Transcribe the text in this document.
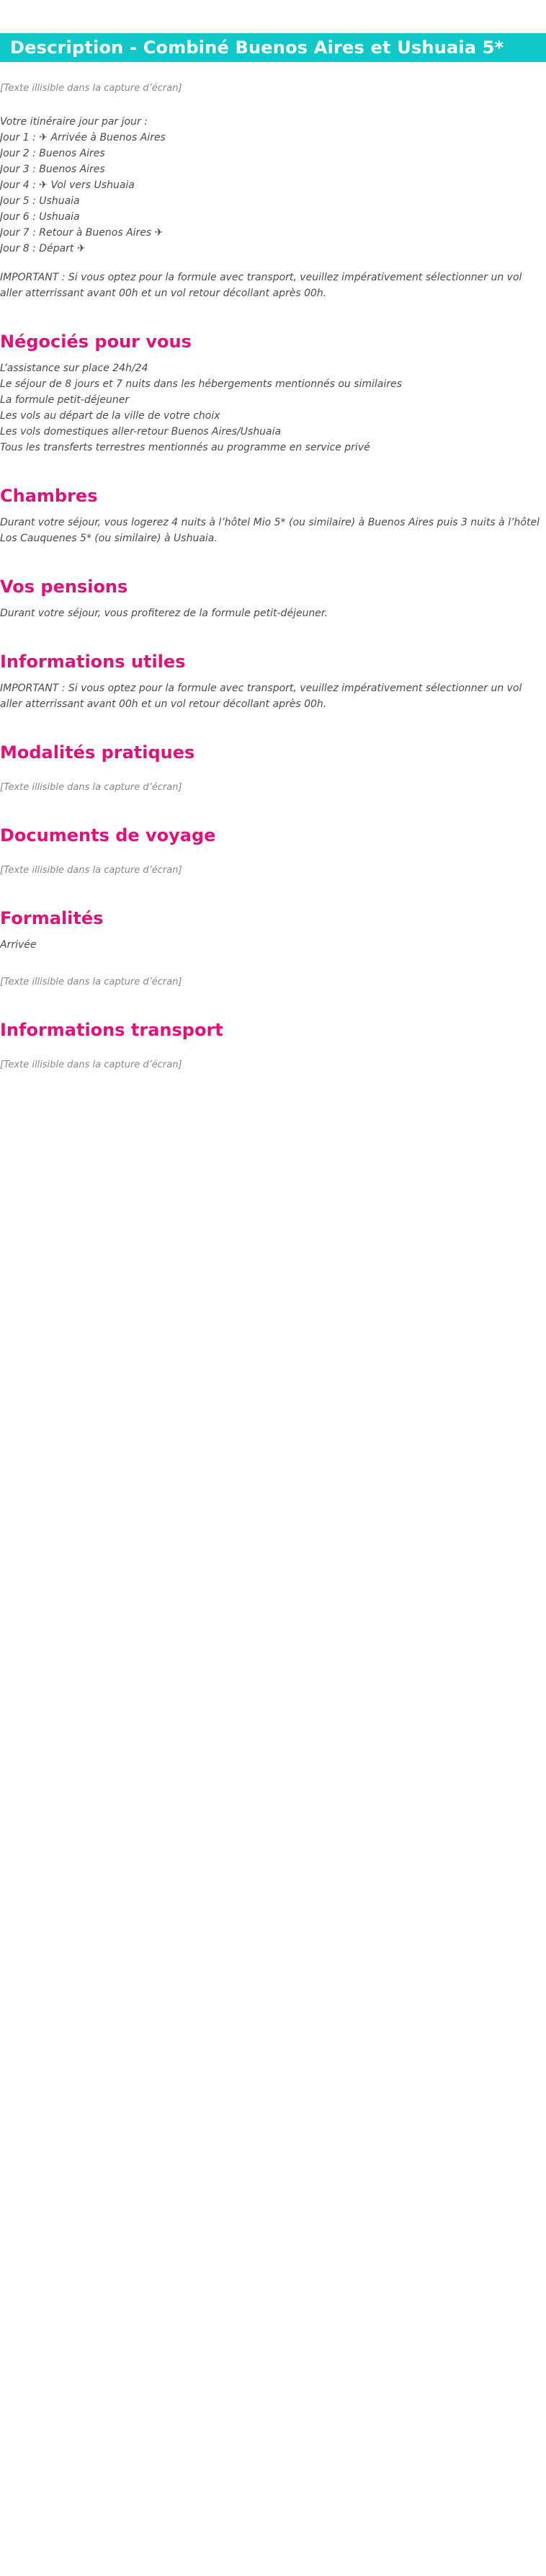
Description - Combiné Buenos Aires et Ushuaia 5*

[Texte illisible dans la capture d’écran]

Votre itinéraire jour par jour :

Jour 1 : ✈ Arrivée à Buenos Aires
Jour 2 : Buenos Aires
Jour 3 : Buenos Aires
Jour 4 : ✈ Vol vers Ushuaia
Jour 5 : Ushuaia
Jour 6 : Ushuaia
Jour 7 : Retour à Buenos Aires ✈
Jour 8 : Départ ✈

IMPORTANT : Si vous optez pour la formule avec transport, veuillez impérativement sélectionner un vol aller atterrissant avant 00h et un vol retour décollant après 00h.

Négociés pour vous
L’assistance sur place 24h/24
Le séjour de 8 jours et 7 nuits dans les hébergements mentionnés ou similaires
La formule petit-déjeuner
Les vols au départ de la ville de votre choix
Les vols domestiques aller-retour Buenos Aires/Ushuaia
Tous les transferts terrestres mentionnés au programme en service privé
Chambres

Durant votre séjour, vous logerez 4 nuits à l’hôtel Mio 5* (ou similaire) à Buenos Aires puis 3 nuits à l’hôtel Los Cauquenes 5* (ou similaire) à Ushuaia.

Vos pensions

Durant votre séjour, vous profiterez de la formule petit-déjeuner.

Informations utiles

IMPORTANT : Si vous optez pour la formule avec transport, veuillez impérativement sélectionner un vol aller atterrissant avant 00h et un vol retour décollant après 00h.

Modalités pratiques

[Texte illisible dans la capture d’écran]

Documents de voyage

[Texte illisible dans la capture d’écran]

Formalités

Arrivée

[Texte illisible dans la capture d’écran]

Informations transport

[Texte illisible dans la capture d’écran]
